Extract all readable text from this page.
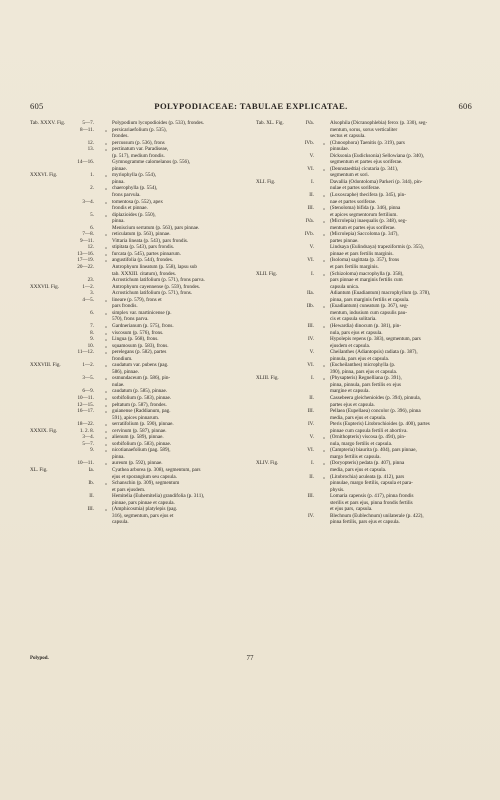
605	POLYPODIACEAE: TABULAE EXPLICATAE.	606
Tab. XXXV. Fig.	5—7.	Polypodium lycopodioides (p. 533), frondes.
8—11.	„ persicariaefolium (p. 535),
frondes.
12.	„ percussum (p. 536), frons
13.	„ pectinatum var. Paradiseae,
(p. 517), medium frondis.
14—16.	Gymnogramme calomelanos (p. 556),
pinnae.
XXXVI. Fig.	1.	„ myriophylla (p. 554),
pinna.
2.	„ chaerophylla (p. 554),
frons parvula.
3—4.	„ tomentosa (p. 552), apex
frondis et pinnae.
5.	„ diplazioides (p. 550),
pinna.
6.	Meniscium serratum (p. 563), pars pinnae.
7—8.	„ reticulatum (p. 563), pinnae.
9—11.	Vittaria lineata (p. 543), pars frondis.
12.	„ stipitata (p. 543), pars frondis.
13—16.	„ furcata (p. 545), partes pinnarum.
17—19.	„ angustifolia (p. 544), frondes.
20—22.	Antrophyum lineatum (p. 558), lapsu sub
tab. XXXIII. citatum), frondes.
23.	Acrostichum latifolium (p. 571), frons parva.
XXXVII. Fig.	1—2.	Antrophyum cayennense (p. 559), frondes.
3.	Acrostichum latifolium (p. 571), frons.
4—5.	„ lineare (p. 579), frons et
pars frondis.
6.	„ simplex var. martinicense (p.
570), frons parva.
7.	„ Gardnerianum (p. 575), frons.
8.	„ viscosum (p. 576), frons.
9.	„ Lingua (p. 568), frons.
10.	„ squamosum (p. 583), frons.
11—12.	„ perelegans (p. 582), partes
frondium.
XXXVIII. Fig.	1—2.	„ caudatum var. pubens (pag.
586), pinnae.
3—5.	„ osmundaceum (p. 586), pin-
nulae.
6—9.	„ caudatum (p. 585), pinnae.
10—11.	„ sorbifolium (p. 583), pinnae.
12—15.	„ peltatum (p. 587), frondes.
16—17.	„ guianense (Raddianum, pag.
591), apices pinnarum.
18—22.	„ serratifolium (p. 590), pinnae.
XXXIX. Fig.	1. 2. 8.	„ cervinum (p. 587), pinnae.
3—4.	„ alienum (p. 589), pinnae.
5—7.	„ sorbifolium (p. 583), pinnae.
9.	„ nicotianaefolium (pag. 589),
pinna.
10—11.	„ aureum (p. 592), pinnae.
XL. Fig.	Ia.	Cyathea arborea (p. 308), segmentum, pars
ejus et sporangium seu capsula.
Ib.	„ Schanschin (p. 309), segmentum
et pars ejusdem.
II.	Hemitelia (Euhemitelia) grandifolia (p. 311),
pinnae, pars pinnae et capsula.
III.	„ (Amphicosmia) platylepis (pag.
316), segmentum, pars ejus et
capsula.
Tab. XL. Fig.	IVa.	Alsophila (Dicranophlebia) ferox (p. 330), seg-
mentum, sorus, sorus verticaliter
sectus et capsula.
IVb.	„ (Chnoophora) Taenitis (p. 319), pars
pinnulae.
V.	Dicksonia (Eudicksonia) Sellowiana (p. 340),
segmentum et partes ejus soriferae.
VI.	„ (Dennstaedtia) cicutaria (p. 341),
segmentum et sori.
XLI. Fig.	I.	Davallia (Odontoloma) Parkeri (p. 344), pin-
nulae et partes soriferae.
II.	„ (Loxoscaphe) thecifera (p. 345), pin-
nae et partes soriferae.
III.	„ (Stenoloma) bifida (p. 346), pinna
et apices segmentorum fertilium.
IVa.	„ (Microlepia) inaequalis (p. 348), seg-
mentum et partes ejus soriferae.
IVb.	„ (Microlepia) Saccoloma (p. 347),
partes pinnae.
V.	Lindsaya (Eulindsaya) trapeziformis (p. 355),
pinnae et pars fertilis marginis.
VI.	„ (Isoloma) sagittata (p. 357), frons
et pars fertilis marginis.
XLII. Fig.	I.	„ (Schizoloma) macrophylla (p. 358),
pars pinnae et marginis fertilis cum
capsula unica.
IIa.	Adiantum (Euadiantum) macrophyllum (p. 378),
pinna, pars marginis fertilis et capsula.
IIb.	„ (Euadiantum) cuneatum (p. 367), seg-
mentum, indusium cum capsulis pau-
cis et capsula solitaria.
III.	„ (Hewardia) dinocum (p. 381), pin-
nula, pars ejus et capsula.
IV.	Hypolepis repens (p. 383), segmentum, pars
ejusdem et capsula.
V.	Cheilanthes (Adiantopsis) radiata (p. 387),
pinnula, pars ejus et capsula.
VI.	„ (Eucheilanthes) microphylla (p.
390), pinna, pars ejus et capsula.
XLIII. Fig.	I.	„ (Physapteris) Regnelliana (p. 391),
pinna, pinnula, pars fertilis ex ejus
margine et capsula.
II.	Cassebeera gleichenioides (p. 394), pinnula,
partes ejus et capsula.
III.	Pellaea (Eupellaea) concolor (p. 396), pinna
media, pars ejus et capsula.
IV.	Pteris (Eupteris) Litobrochioides (p. 400), partes
pinnae cum capsula fertili et abortiva.
V.	„ (Ornithopteris) viscosa (p. 494), pin-
nula, margo fertilis et capsula.
VI.	„ (Campteria) biaurita (p. 404), pars pinnae,
margo fertilis et capsula.
XLIV. Fig.	I.	„ (Doryopteris) pedata (p. 407), pinna
media, pars ejus et capsula.
II.	„ (Litobrochia) aculeata (p. 412), pars
pinnulae, margo fertilis, capsula et para-
physis.
III.	Lomaria capensis (p. 417), pinna frondis
sterilis et pars ejus, pinna frondis fertilis
et ejus pars, capsula.
IV.	Blechnum (Eublechnum) unilaterale (p. 422),
pinna fertilis, pars ejus et capsula.
Polypod.	77
